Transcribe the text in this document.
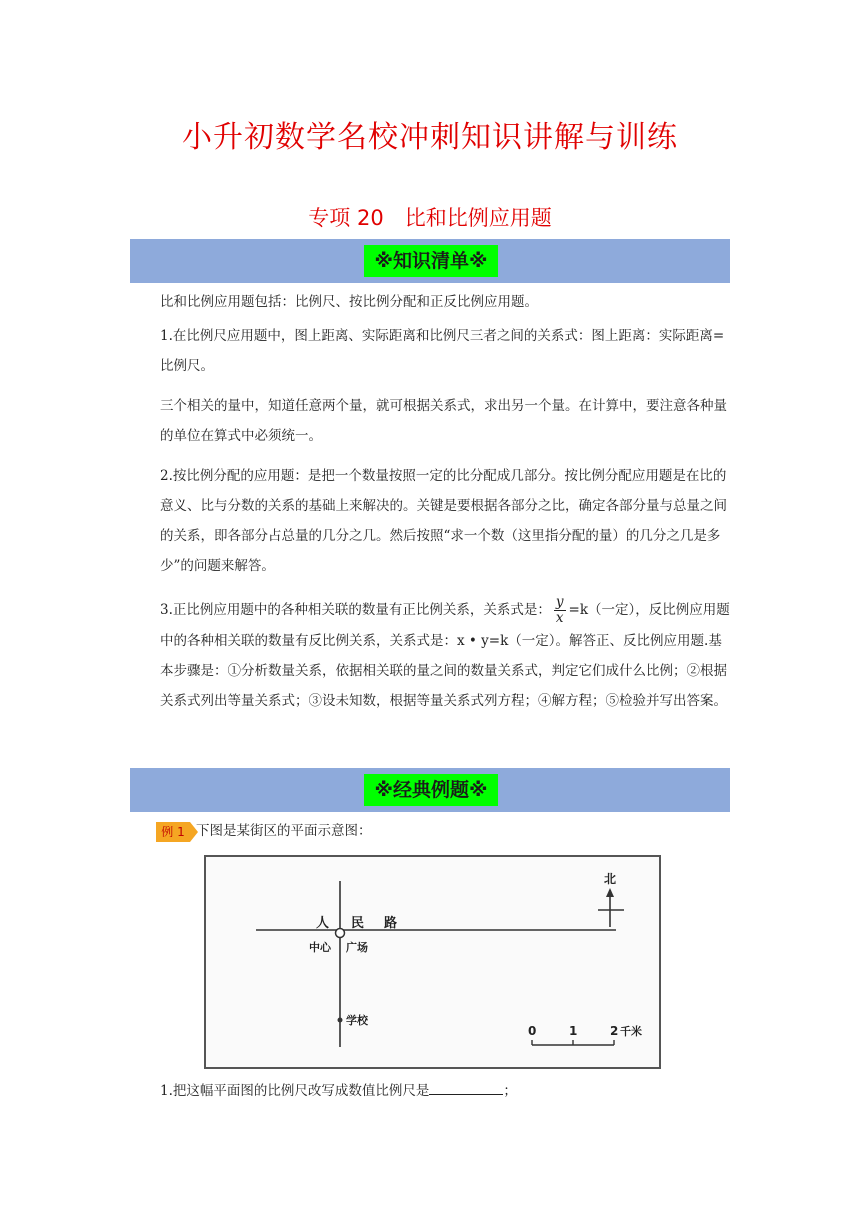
小升初数学名校冲刺知识讲解与训练
专项 20　比和比例应用题
※知识清单※
比和比例应用题包括：比例尺、按比例分配和正反比例应用题。
1.在比例尺应用题中，图上距离、实际距离和比例尺三者之间的关系式：图上距离：实际距离=比例尺。
三个相关的量中，知道任意两个量，就可根据关系式，求出另一个量。在计算中，要注意各种量的单位在算式中必须统一。
2.按比例分配的应用题：是把一个数量按照一定的比分配成几部分。按比例分配应用题是在比的意义、比与分数的关系的基础上来解决的。关键是要根据各部分之比，确定各部分量与总量之间的关系，即各部分占总量的几分之几。然后按照“求一个数（这里指分配的量）的几分之几是多少”的问题来解答。
3.正比例应用题中的各种相关联的数量有正比例关系，关系式是： $\frac{y}{x} =k$（一定），反比例应用题中的各种相关联的数量有反比例关系，关系式是：x • y=k（一定）。解答正、反比例应用题.基本步骤是：①分析数量关系，依据相关联的量之间的数量关系式，判定它们成什么比例；②根据关系式列出等量关系式；③设未知数，根据等量关系式列方程；④解方程；⑤检验并写出答案。
※经典例题※
例 1 下图是某街区的平面示意图：
北
人 民 路
中心 广场
学校
0	1	2 千米
1.把这幅平面图的比例尺改写成数值比例尺是	；
